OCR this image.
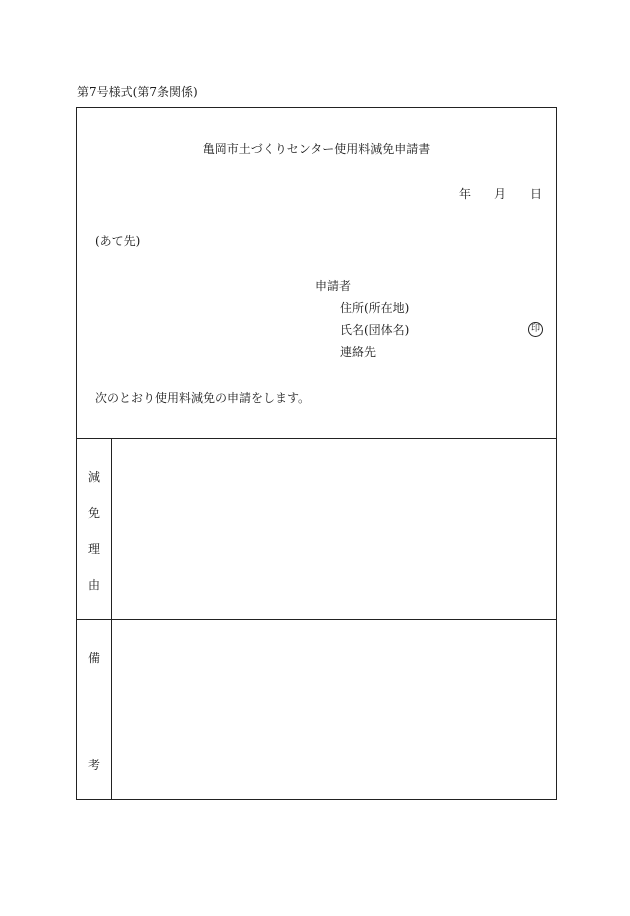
第7号様式(第7条関係)
亀岡市土づくりセンター使用料減免申請書
年 月 日
(あて先)
申請者
住所(所在地)
氏名(団体名)	印
連絡先
次のとおり使用料減免の申請をします。
減
免
理
由
備
考
